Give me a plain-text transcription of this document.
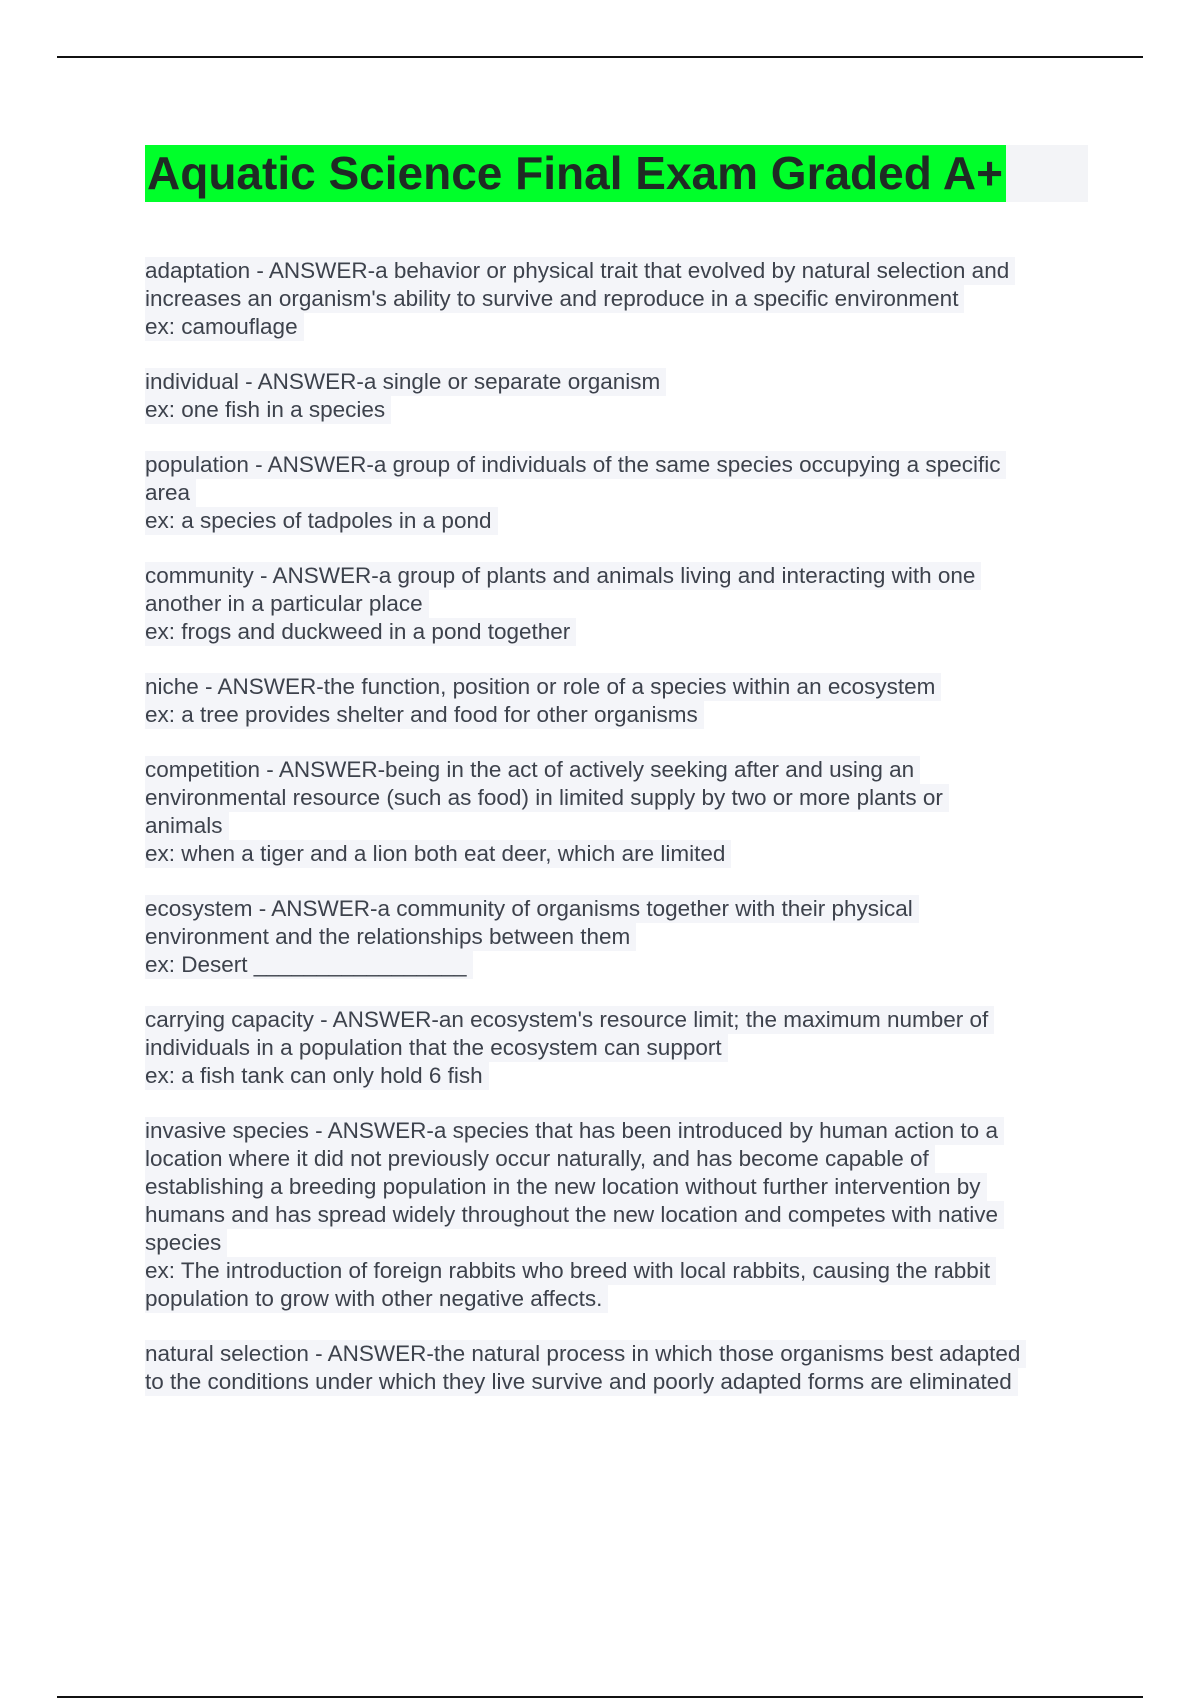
Aquatic Science Final Exam Graded A+
adaptation - ANSWER-a behavior or physical trait that evolved by natural selection and
increases an organism's ability to survive and reproduce in a specific environment
ex: camouflage
individual - ANSWER-a single or separate organism
ex: one fish in a species
population - ANSWER-a group of individuals of the same species occupying a specific
area
ex: a species of tadpoles in a pond
community - ANSWER-a group of plants and animals living and interacting with one
another in a particular place
ex: frogs and duckweed in a pond together
niche - ANSWER-the function, position or role of a species within an ecosystem
ex: a tree provides shelter and food for other organisms
competition - ANSWER-being in the act of actively seeking after and using an
environmental resource (such as food) in limited supply by two or more plants or
animals
ex: when a tiger and a lion both eat deer, which are limited
ecosystem - ANSWER-a community of organisms together with their physical
environment and the relationships between them
ex: Desert _________________
carrying capacity - ANSWER-an ecosystem's resource limit; the maximum number of
individuals in a population that the ecosystem can support
ex: a fish tank can only hold 6 fish
invasive species - ANSWER-a species that has been introduced by human action to a
location where it did not previously occur naturally, and has become capable of
establishing a breeding population in the new location without further intervention by
humans and has spread widely throughout the new location and competes with native
species
ex: The introduction of foreign rabbits who breed with local rabbits, causing the rabbit
population to grow with other negative affects.
natural selection - ANSWER-the natural process in which those organisms best adapted
to the conditions under which they live survive and poorly adapted forms are eliminated
